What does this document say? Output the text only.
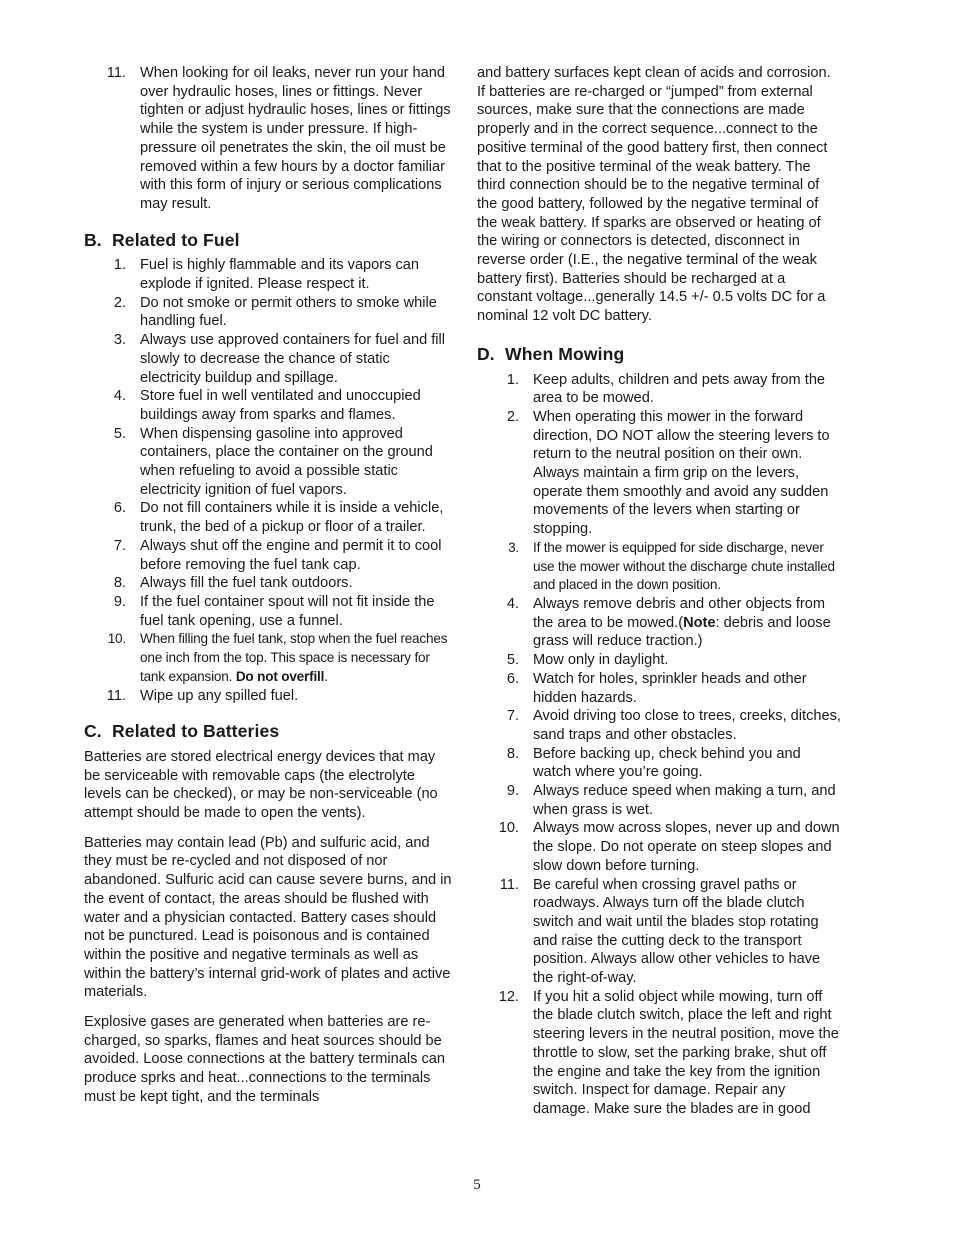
11. When looking for oil leaks, never run your hand over hydraulic hoses, lines or fittings. Never tighten or adjust hydraulic hoses, lines or fittings while the system is under pressure. If high-pressure oil penetrates the skin, the oil must be removed within a few hours by a doctor familiar with this form of injury or serious complications may result.
B. Related to Fuel
1. Fuel is highly flammable and its vapors can explode if ignited. Please respect it.
2. Do not smoke or permit others to smoke while handling fuel.
3. Always use approved containers for fuel and fill slowly to decrease the chance of static electricity buildup and spillage.
4. Store fuel in well ventilated and unoccupied buildings away from sparks and flames.
5. When dispensing gasoline into approved containers, place the container on the ground when refueling to avoid a possible static electricity ignition of fuel vapors.
6. Do not fill containers while it is inside a vehicle, trunk, the bed of a pickup or floor of a trailer.
7. Always shut off the engine and permit it to cool before removing the fuel tank cap.
8. Always fill the fuel tank outdoors.
9. If the fuel container spout will not fit inside the fuel tank opening, use a funnel.
10. When filling the fuel tank, stop when the fuel reaches one inch from the top. This space is necessary for tank expansion. Do not overfill.
11. Wipe up any spilled fuel.
C. Related to Batteries

Batteries are stored electrical energy devices that may be serviceable with removable caps (the electrolyte levels can be checked), or may be non-serviceable (no attempt should be made to open the vents).

Batteries may contain lead (Pb) and sulfuric acid, and they must be re-cycled and not disposed of nor abandoned. Sulfuric acid can cause severe burns, and in the event of contact, the areas should be flushed with water and a physician contacted. Battery cases should not be punctured. Lead is poisonous and is contained within the positive and negative terminals as well as within the battery’s internal grid-work of plates and active materials.

Explosive gases are generated when batteries are re-charged, so sparks, flames and heat sources should be avoided. Loose connections at the battery terminals can produce sprks and heat...connections to the terminals must be kept tight, and the terminals

and battery surfaces kept clean of acids and corrosion. If batteries are re-charged or “jumped” from external sources, make sure that the connections are made properly and in the correct sequence...connect to the positive terminal of the good battery first, then connect that to the positive terminal of the weak battery. The third connection should be to the negative terminal of the good battery, followed by the negative terminal of the weak battery. If sparks are observed or heating of the wiring or connectors is detected, disconnect in reverse order (I.E., the negative terminal of the weak battery first). Batteries should be recharged at a constant voltage...generally 14.5 +/- 0.5 volts DC for a nominal 12 volt DC battery.

D. When Mowing
1. Keep adults, children and pets away from the area to be mowed.
2. When operating this mower in the forward direction, DO NOT allow the steering levers to return to the neutral position on their own. Always maintain a firm grip on the levers, operate them smoothly and avoid any sudden movements of the levers when starting or stopping.
3. If the mower is equipped for side discharge, never use the mower without the discharge chute installed and placed in the down position.
4. Always remove debris and other objects from the area to be mowed.(Note: debris and loose grass will reduce traction.)
5. Mow only in daylight.
6. Watch for holes, sprinkler heads and other hidden hazards.
7. Avoid driving too close to trees, creeks, ditches, sand traps and other obstacles.
8. Before backing up, check behind you and watch where you’re going.
9. Always reduce speed when making a turn, and when grass is wet.
10. Always mow across slopes, never up and down the slope. Do not operate on steep slopes and slow down before turning.
11. Be careful when crossing gravel paths or roadways. Always turn off the blade clutch switch and wait until the blades stop rotating and raise the cutting deck to the transport position. Always allow other vehicles to have the right-of-way.
12. If you hit a solid object while mowing, turn off the blade clutch switch, place the left and right steering levers in the neutral position, move the throttle to slow, set the parking brake, shut off the engine and take the key from the ignition switch. Inspect for damage. Repair any damage. Make sure the blades are in good
5
